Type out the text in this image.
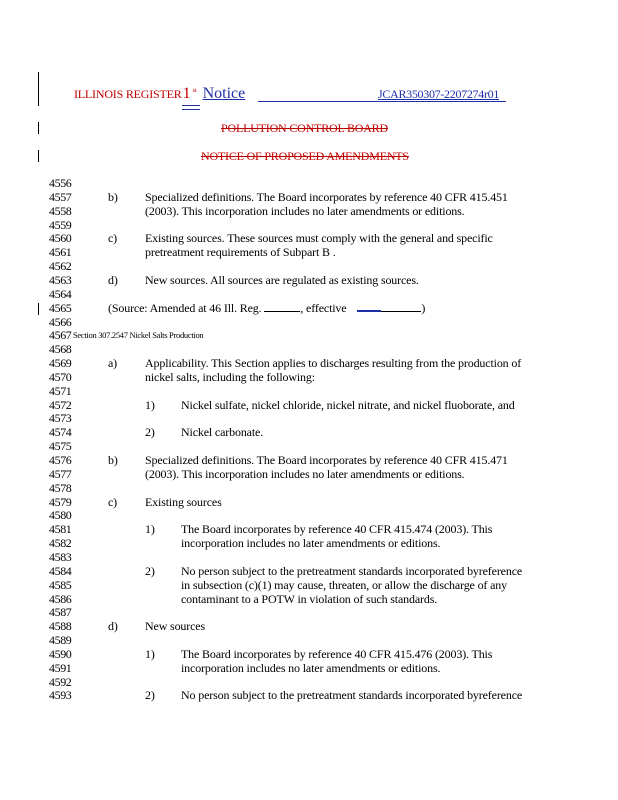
ILLINOIS REGISTER1 $^{st}$ Notice	JCAR350307-2207274r01
POLLUTION CONTROL BOARD
NOTICE OF PROPOSED AMENDMENTS
4556
4557	b) Specialized definitions. The Board incorporates by reference 40 CFR 415.451
4558	(2003). This incorporation includes no later amendments or editions.
4559
4560	c) Existing sources. These sources must comply with the general and specific
4561	pretreatment requirements of Subpart B .
4562
4563	d) New sources. All sources are regulated as existing sources.
4564
4565	(Source: Amended at 46 Ill. Reg.	, effective	)
4566
4567 Section 307.2547 Nickel Salts Production
4568
4569	a) Applicability. This Section applies to discharges resulting from the production of
4570	nickel salts, including the following:
4571
4572	1) Nickel sulfate, nickel chloride, nickel nitrate, and nickel fluoborate, and
4573
4574	2) Nickel carbonate.
4575
4576	b) Specialized definitions. The Board incorporates by reference 40 CFR 415.471
4577	(2003). This incorporation includes no later amendments or editions.
4578
4579	c) Existing sources
4580
4581	1) The Board incorporates by reference 40 CFR 415.474 (2003). This
4582	incorporation includes no later amendments or editions.
4583
4584	2) No person subject to the pretreatment standards incorporated byreference
4585	in subsection (c)(1) may cause, threaten, or allow the discharge of any
4586	contaminant to a POTW in violation of such standards.
4587
4588	d) New sources
4589
4590	1) The Board incorporates by reference 40 CFR 415.476 (2003). This
4591	incorporation includes no later amendments or editions.
4592
4593	2) No person subject to the pretreatment standards incorporated byreference
